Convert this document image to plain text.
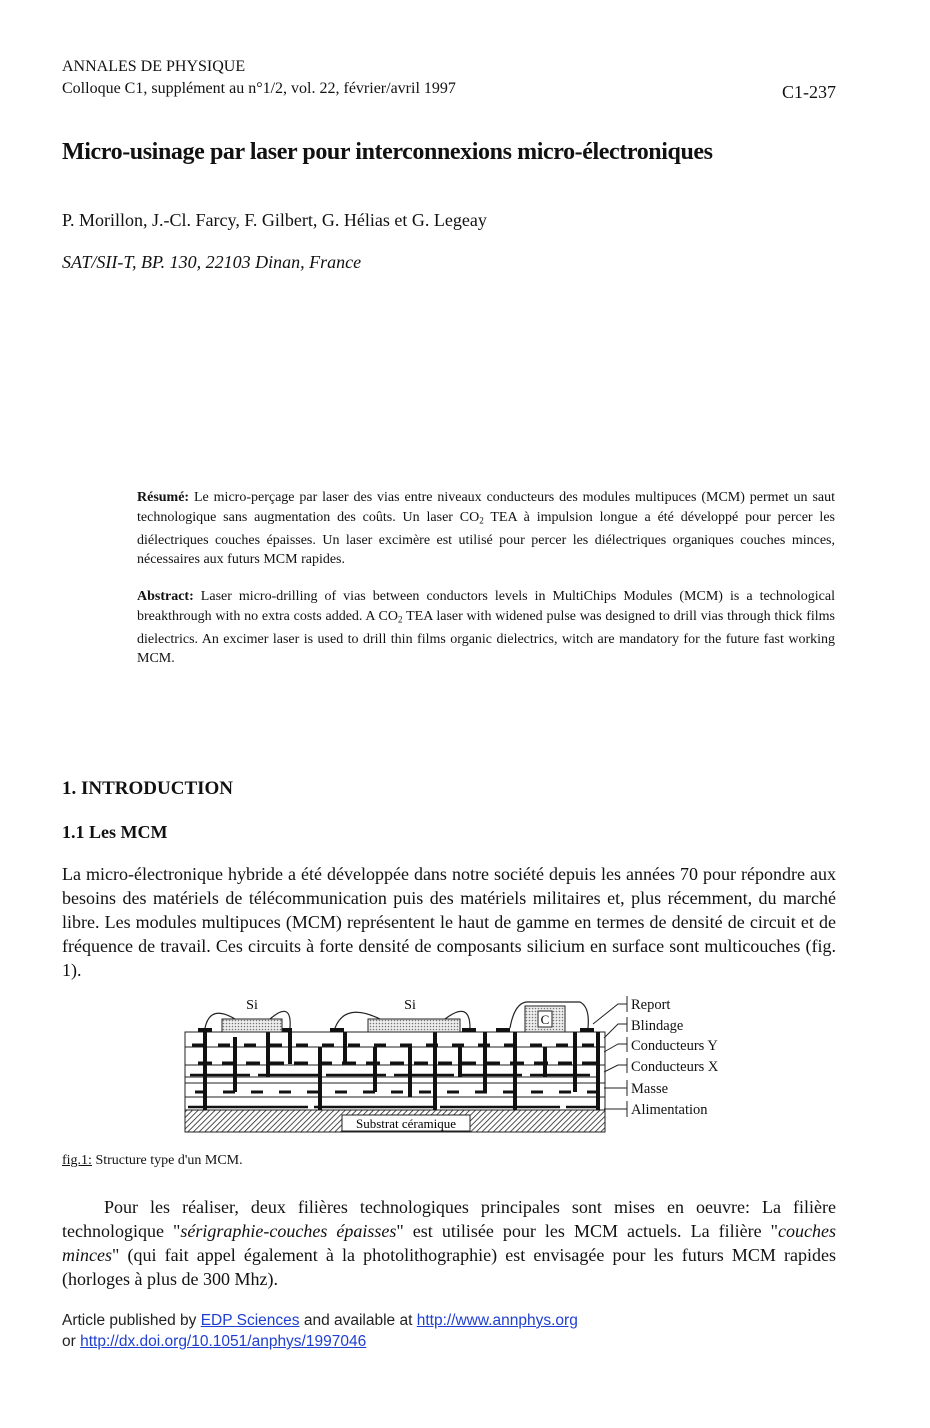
ANNALES DE PHYSIQUE
Colloque C1, supplément au n°1/2, vol. 22, février/avril 1997	C1-237
Micro-usinage par laser pour interconnexions micro-électroniques
P. Morillon, J.-Cl. Farcy, F. Gilbert, G. Hélias et G. Legeay
SAT/SII-T, BP. 130, 22103 Dinan, France
Résumé: Le micro-perçage par laser des vias entre niveaux conducteurs des modules multipuces (MCM) permet un saut technologique sans augmentation des coûts. Un laser $CO_2$ TEA à impulsion longue a été développé pour percer les diélectriques couches épaisses. Un laser excimère est utilisé pour percer les diélectriques organiques couches minces, nécessaires aux futurs MCM rapides.
Abstract: Laser micro-drilling of vias between conductors levels in MultiChips Modules (MCM) is a technological breakthrough with no extra costs added. A $CO_2$ TEA laser with widened pulse was designed to drill vias through thick films dielectrics. An excimer laser is used to drill thin films organic dielectrics, witch are mandatory for the future fast working MCM.
1. INTRODUCTION
1.1 Les MCM
La micro-électronique hybride a été développée dans notre société depuis les années 70 pour répondre aux besoins des matériels de télécommunication puis des matériels militaires et, plus récemment, du marché libre. Les modules multipuces (MCM) représentent le haut de gamme en termes de densité de circuit et de fréquence de travail. Ces circuits à forte densité de composants silicium en surface sont multicouches (fig. 1).
Substrat céramique
Si	Si
C
Report
Blindage
Conducteurs Y
Conducteurs X
Masse
Alimentation
fig.1: Structure type d'un MCM.
Pour les réaliser, deux filières technologiques principales sont mises en oeuvre: La filière technologique "sérigraphie-couches épaisses" est utilisée pour les MCM actuels. La filière "couches minces" (qui fait appel également à la photolithographie) est envisagée pour les futurs MCM rapides (horloges à plus de 300 Mhz).
Article published by EDP Sciences and available at http://www.annphys.org
or http://dx.doi.org/10.1051/anphys/1997046
